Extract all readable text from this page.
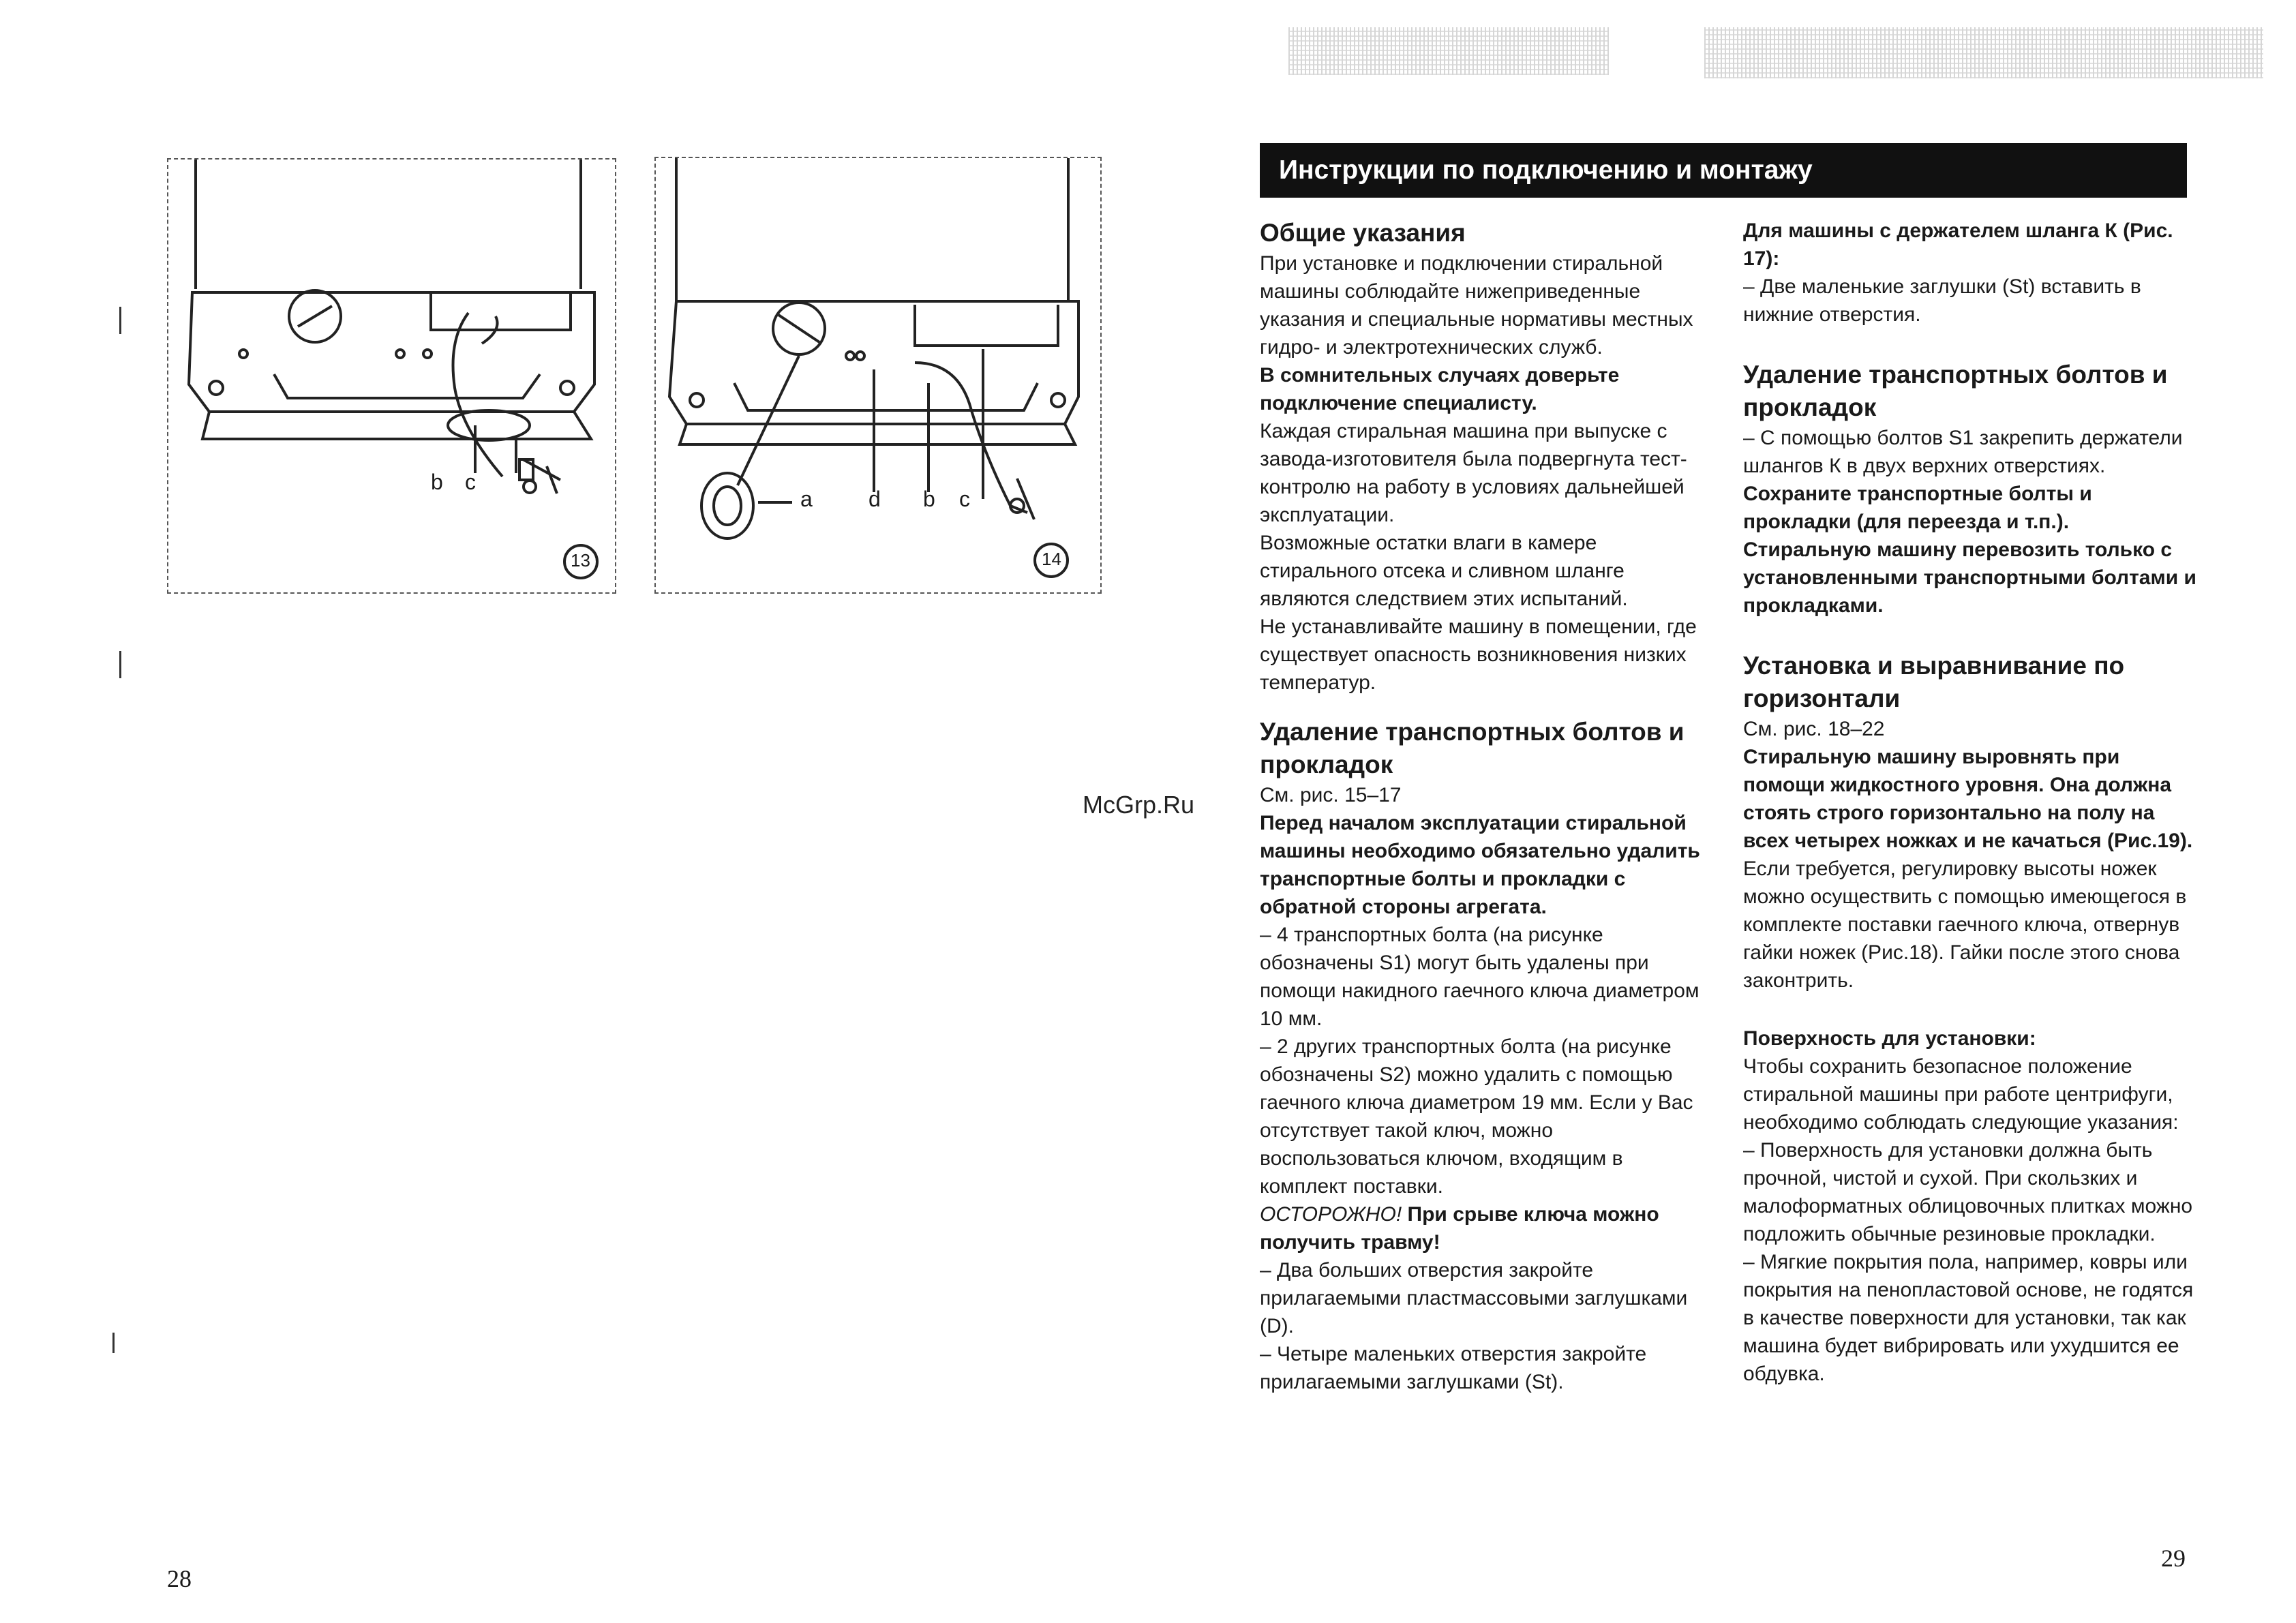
b c
13
a	d b c
14
McGrp.Ru
Инструкции по подключению и монтажу

Общие указания

При установке и подключении стиральной машины соблюдайте нижеприведенные указания и специальные нормативы местных гидро- и электротехнических служб.

В сомнительных случаях доверьте подключение специалисту.

Каждая стиральная машина при выпуске с завода-изготовителя была подвергнута тест-контролю на работу в условиях дальнейшей эксплуатации.

Возможные остатки влаги в камере стирального отсека и сливном шланге являются следствием этих испытаний.

Не устанавливайте машину в помещении, где существует опасность возникновения низких температур.

Удаление транспортных болтов и прокладок

См. рис. 15–17

Перед началом эксплуатации стиральной машины необходимо обязательно удалить транспортные болты и прокладки с обратной стороны агрегата.

– 4 транспортных болта (на рисунке обозначены S1) могут быть удалены при помощи накидного гаечного ключа диаметром 10 мм.

– 2 других транспортных болта (на рисунке обозначены S2) можно удалить с помощью гаечного ключа диаметром 19 мм. Если у Вас отсутствует такой ключ, можно воспользоваться ключом, входящим в комплект поставки.

ОСТОРОЖНО! При срыве ключа можно получить травму!

– Два больших отверстия закройте прилагаемыми пластмассовыми заглушками (D).

– Четыре маленьких отверстия закройте прилагаемыми заглушками (St).

Для машины с держателем шланга К (Рис. 17):

– Две маленькие заглушки (St) вставить в нижние отверстия.

Удаление транспортных болтов и прокладок

– С помощью болтов S1 закрепить держатели шлангов К в двух верхних отверстиях.

Сохраните транспортные болты и прокладки (для переезда и т.п.).

Стиральную машину перевозить только с установленными транспортными болтами и прокладками.

Установка и выравнивание по горизонтали

См. рис. 18–22

Стиральную машину выровнять при помощи жидкостного уровня. Она должна стоять строго горизонтально на полу на всех четырех ножках и не качаться (Рис.19).

Если требуется, регулировку высоты ножек можно осуществить с помощью имеющегося в комплекте поставки гаечного ключа, отвернув гайки ножек (Рис.18). Гайки после этого снова законтрить.

Поверхность для установки:

Чтобы сохранить безопасное положение стиральной машины при работе центрифуги, необходимо соблюдать следующие указания:

– Поверхность для установки должна быть прочной, чистой и сухой. При скользких и малоформатных облицовочных плитках можно подложить обычные резиновые прокладки.

– Мягкие покрытия пола, например, ковры или покрытия на пенопластовой основе, не годятся в качестве поверхности для установки, так как машина будет вибрировать или ухудшится ее обдувка.

28
29
